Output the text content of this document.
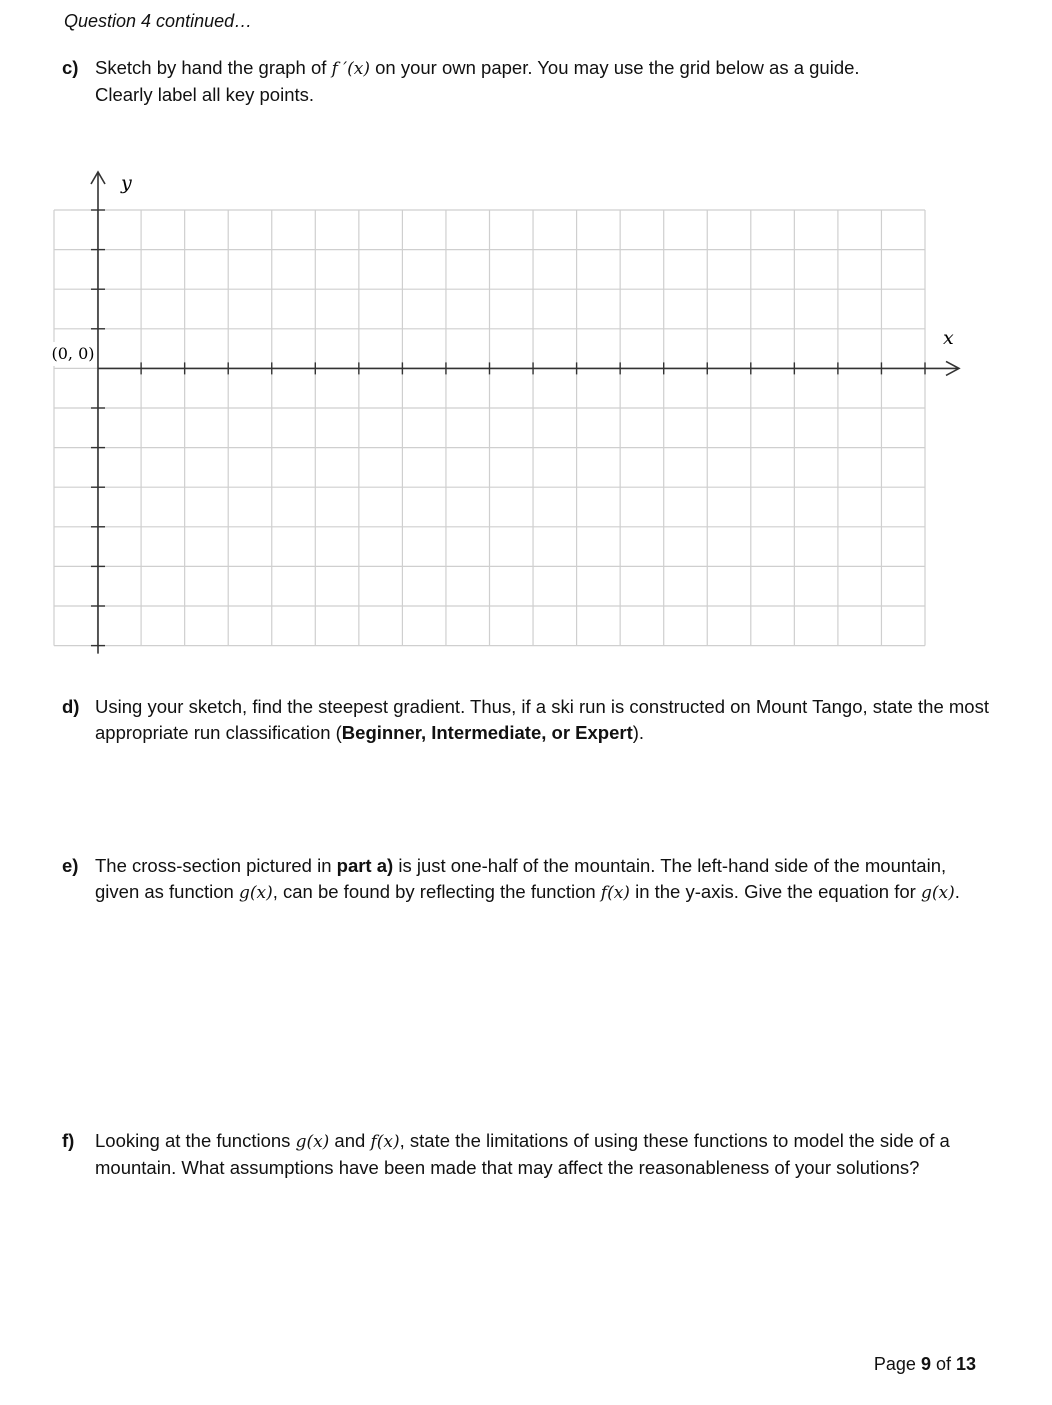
Question 4 continued…
c) Sketch by hand the graph of f ′(x) on your own paper. You may use the grid below as a guide.
Clearly label all key points.
y
x
(0, 0)
d) Using your sketch, find the steepest gradient. Thus, if a ski run is constructed on Mount Tango, state the most appropriate run classification (Beginner, Intermediate, or Expert).
e) The cross-section pictured in part a) is just one-half of the mountain. The left-hand side of the mountain, given as function g(x), can be found by reflecting the function f(x) in the y-axis. Give the equation for g(x).
f) Looking at the functions g(x) and f(x), state the limitations of using these functions to model the side of a mountain. What assumptions have been made that may affect the reasonableness of your solutions?
Page 9 of 13
